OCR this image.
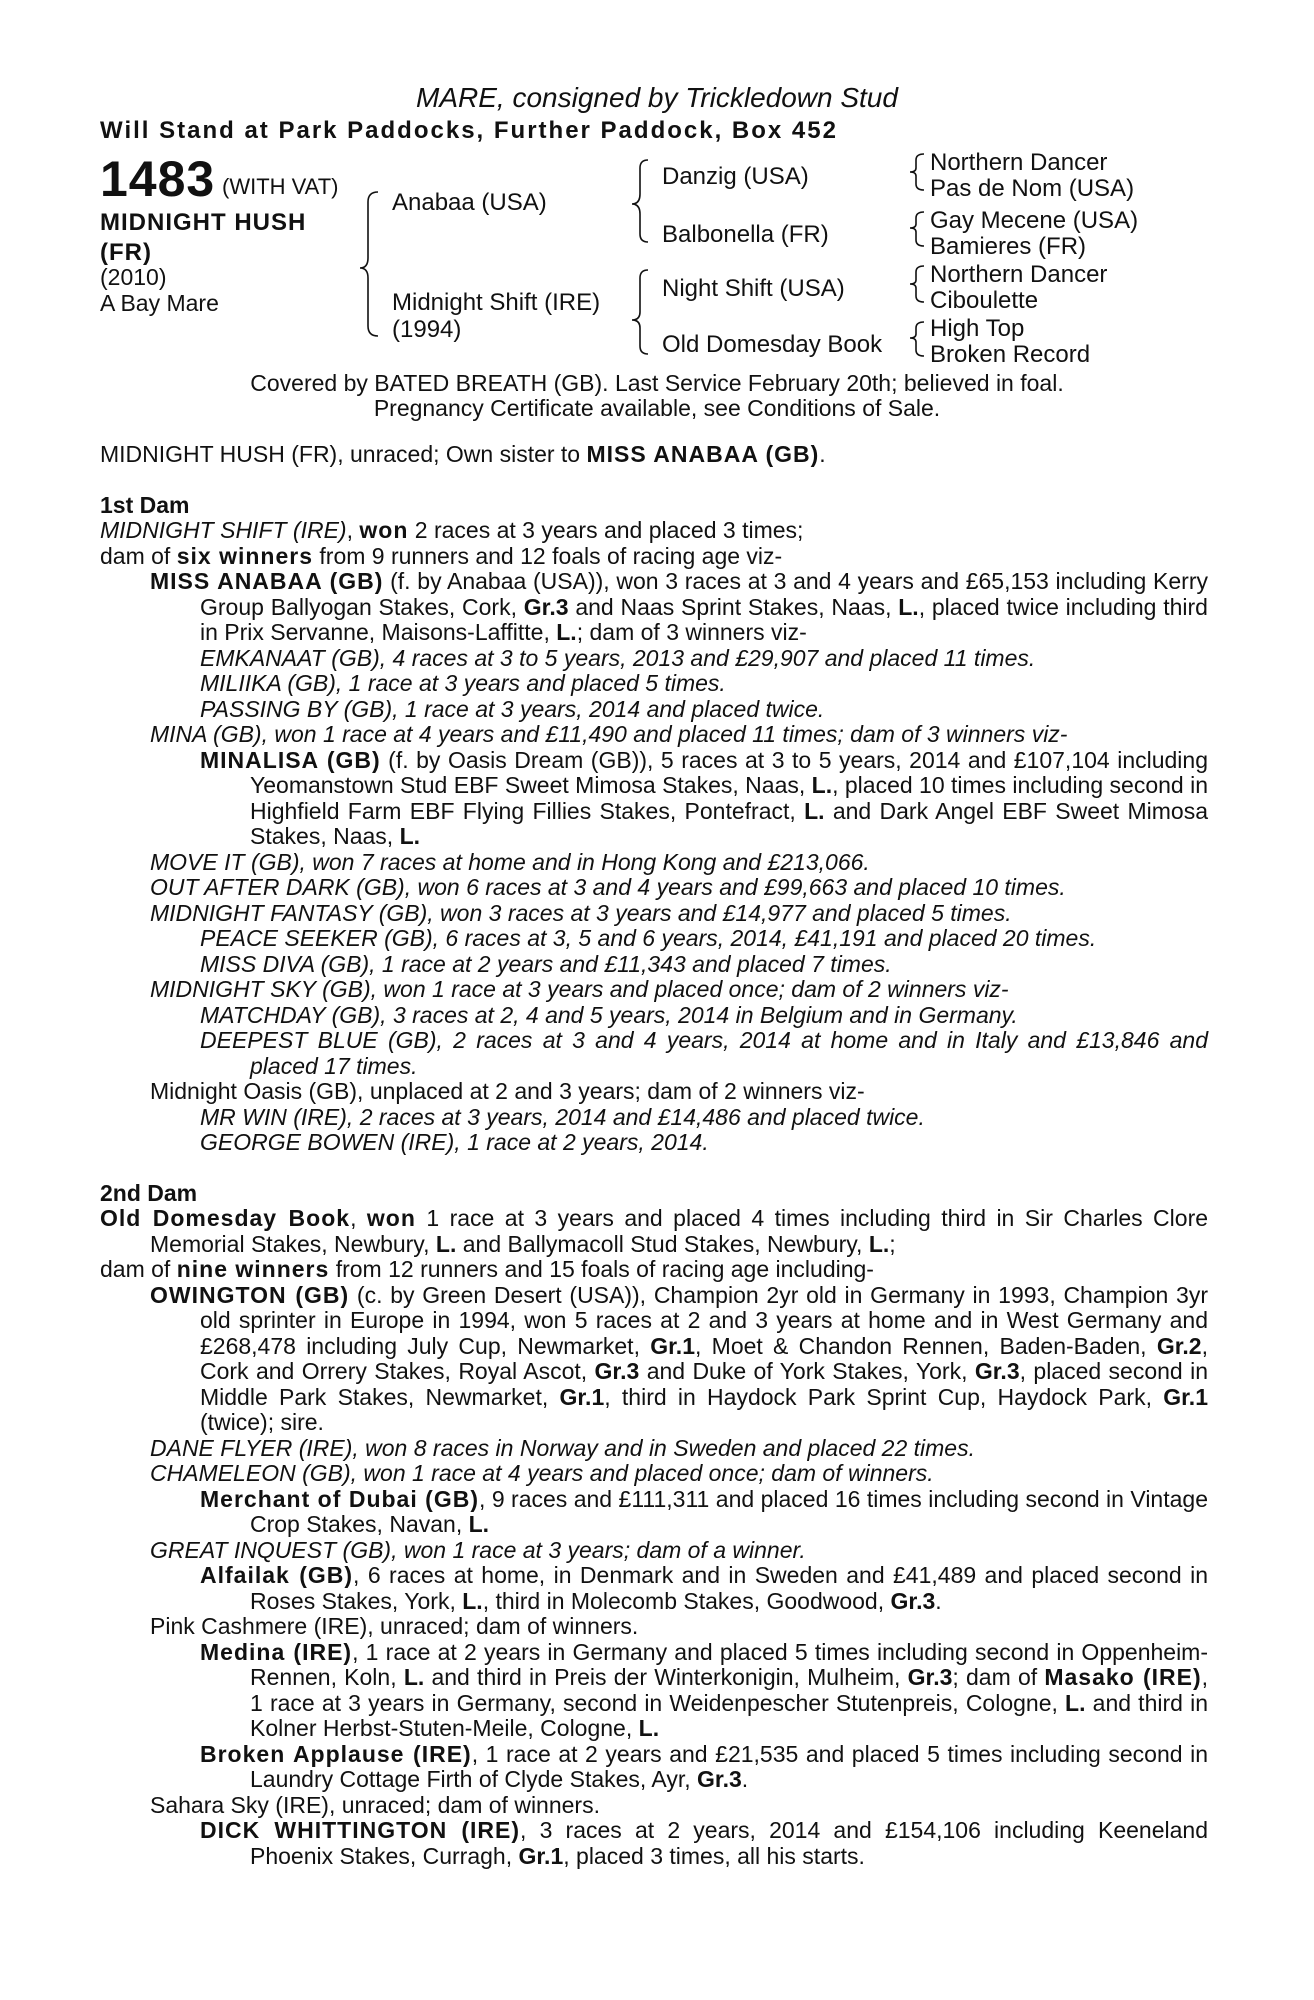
MARE, consigned by Trickledown Stud
Will Stand at Park Paddocks, Further Paddock, Box 452
1483 (WITH VAT)
MIDNIGHT HUSH
(FR)
(2010)
A Bay Mare
Anabaa (USA)
Midnight Shift (IRE)
(1994)
Danzig (USA)
Balbonella (FR)
Night Shift (USA)
Old Domesday Book
Northern Dancer
Pas de Nom (USA)
Gay Mecene (USA)
Bamieres (FR)
Northern Dancer
Ciboulette
High Top
Broken Record
Covered by BATED BREATH (GB). Last Service February 20th; believed in foal.
Pregnancy Certificate available, see Conditions of Sale.

MIDNIGHT HUSH (FR), unraced; Own sister to MISS ANABAA (GB).

1st Dam

MIDNIGHT SHIFT (IRE), won 2 races at 3 years and placed 3 times;

dam of six winners from 9 runners and 12 foals of racing age viz-

MISS ANABAA (GB) (f. by Anabaa (USA)), won 3 races at 3 and 4 years and £65,153 including Kerry Group Ballyogan Stakes, Cork, Gr.3 and Naas Sprint Stakes, Naas, L., placed twice including third in Prix Servanne, Maisons-Laffitte, L.; dam of 3 winners viz-

EMKANAAT (GB), 4 races at 3 to 5 years, 2013 and £29,907 and placed 11 times.

MILIIKA (GB), 1 race at 3 years and placed 5 times.

PASSING BY (GB), 1 race at 3 years, 2014 and placed twice.

MINA (GB), won 1 race at 4 years and £11,490 and placed 11 times; dam of 3 winners viz-

MINALISA (GB) (f. by Oasis Dream (GB)), 5 races at 3 to 5 years, 2014 and £107,104 including Yeomanstown Stud EBF Sweet Mimosa Stakes, Naas, L., placed 10 times including second in Highfield Farm EBF Flying Fillies Stakes, Pontefract, L. and Dark Angel EBF Sweet Mimosa Stakes, Naas, L.

MOVE IT (GB), won 7 races at home and in Hong Kong and £213,066.

OUT AFTER DARK (GB), won 6 races at 3 and 4 years and £99,663 and placed 10 times.

MIDNIGHT FANTASY (GB), won 3 races at 3 years and £14,977 and placed 5 times.

PEACE SEEKER (GB), 6 races at 3, 5 and 6 years, 2014, £41,191 and placed 20 times.

MISS DIVA (GB), 1 race at 2 years and £11,343 and placed 7 times.

MIDNIGHT SKY (GB), won 1 race at 3 years and placed once; dam of 2 winners viz-

MATCHDAY (GB), 3 races at 2, 4 and 5 years, 2014 in Belgium and in Germany.

DEEPEST BLUE (GB), 2 races at 3 and 4 years, 2014 at home and in Italy and £13,846 and placed 17 times.

Midnight Oasis (GB), unplaced at 2 and 3 years; dam of 2 winners viz-

MR WIN (IRE), 2 races at 3 years, 2014 and £14,486 and placed twice.

GEORGE BOWEN (IRE), 1 race at 2 years, 2014.

2nd Dam

Old Domesday Book, won 1 race at 3 years and placed 4 times including third in Sir Charles Clore Memorial Stakes, Newbury, L. and Ballymacoll Stud Stakes, Newbury, L.;

dam of nine winners from 12 runners and 15 foals of racing age including-

OWINGTON (GB) (c. by Green Desert (USA)), Champion 2yr old in Germany in 1993, Champion 3yr old sprinter in Europe in 1994, won 5 races at 2 and 3 years at home and in West Germany and £268,478 including July Cup, Newmarket, Gr.1, Moet & Chandon Rennen, Baden-Baden, Gr.2, Cork and Orrery Stakes, Royal Ascot, Gr.3 and Duke of York Stakes, York, Gr.3, placed second in Middle Park Stakes, Newmarket, Gr.1, third in Haydock Park Sprint Cup, Haydock Park, Gr.1 (twice); sire.

DANE FLYER (IRE), won 8 races in Norway and in Sweden and placed 22 times.

CHAMELEON (GB), won 1 race at 4 years and placed once; dam of winners.

Merchant of Dubai (GB), 9 races and £111,311 and placed 16 times including second in Vintage Crop Stakes, Navan, L.

GREAT INQUEST (GB), won 1 race at 3 years; dam of a winner.

Alfailak (GB), 6 races at home, in Denmark and in Sweden and £41,489 and placed second in Roses Stakes, York, L., third in Molecomb Stakes, Goodwood, Gr.3.

Pink Cashmere (IRE), unraced; dam of winners.

Medina (IRE), 1 race at 2 years in Germany and placed 5 times including second in Oppenheim-Rennen, Koln, L. and third in Preis der Winterkonigin, Mulheim, Gr.3; dam of Masako (IRE), 1 race at 3 years in Germany, second in Weidenpescher Stutenpreis, Cologne, L. and third in Kolner Herbst-Stuten-Meile, Cologne, L.

Broken Applause (IRE), 1 race at 2 years and £21,535 and placed 5 times including second in Laundry Cottage Firth of Clyde Stakes, Ayr, Gr.3.

Sahara Sky (IRE), unraced; dam of winners.

DICK WHITTINGTON (IRE), 3 races at 2 years, 2014 and £154,106 including Keeneland Phoenix Stakes, Curragh, Gr.1, placed 3 times, all his starts.
